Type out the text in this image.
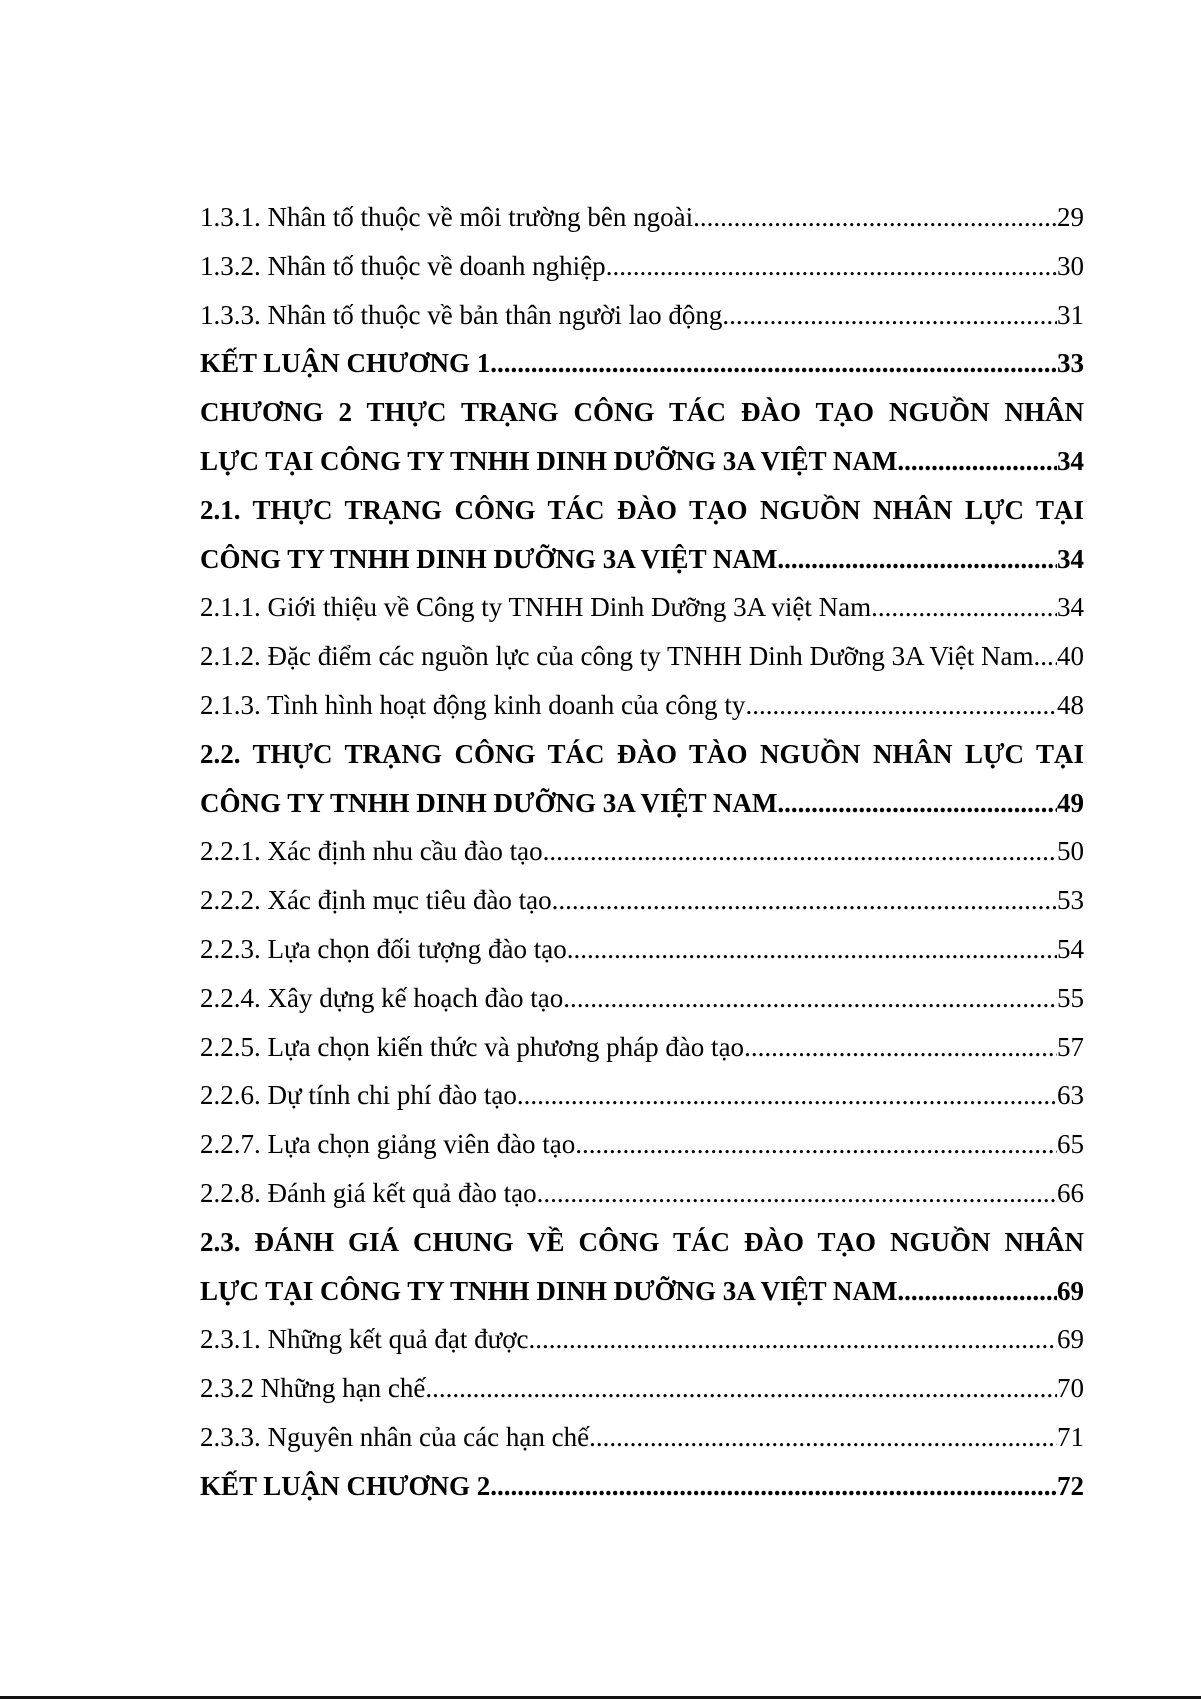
1.3.1. Nhân tố thuộc về môi trường bên ngoài .....	29
1.3.2. Nhân tố thuộc về doanh nghiệp .....	30
1.3.3. Nhân tố thuộc về bản thân người lao động .....	31
KẾT LUẬN CHƯƠNG 1 .....	33
CHƯƠNG 2 THỰC TRẠNG CÔNG TÁC ĐÀO TẠO NGUỒN NHÂN
LỰC TẠI CÔNG TY TNHH DINH DƯỠNG 3A VIỆT NAM .....	34
2.1. THỰC TRẠNG CÔNG TÁC ĐÀO TẠO NGUỒN NHÂN LỰC TẠI
CÔNG TY TNHH DINH DƯỠNG 3A VIỆT NAM .....	34
2.1.1. Giới thiệu về Công ty TNHH Dinh Dưỡng 3A việt Nam .....	34
2.1.2. Đặc điểm các nguồn lực của công ty TNHH Dinh Dưỡng 3A Việt Nam ..... 40
2.1.3. Tình hình hoạt động kinh doanh của công ty .....	48
2.2. THỰC TRẠNG CÔNG TÁC ĐÀO TÀO NGUỒN NHÂN LỰC TẠI
CÔNG TY TNHH DINH DƯỠNG 3A VIỆT NAM .....	49
2.2.1. Xác định nhu cầu đào tạo .....	50
2.2.2. Xác định mục tiêu đào tạo .....	53
2.2.3. Lựa chọn đối tượng đào tạo .....	54
2.2.4. Xây dựng kế hoạch đào tạo .....	55
2.2.5. Lựa chọn kiến thức và phương pháp đào tạo .....	57
2.2.6. Dự tính chi phí đào tạo .....	63
2.2.7. Lựa chọn giảng viên đào tạo .....	65
2.2.8. Đánh giá kết quả đào tạo .....	66
2.3. ĐÁNH GIÁ CHUNG VỀ CÔNG TÁC ĐÀO TẠO NGUỒN NHÂN
LỰC TẠI CÔNG TY TNHH DINH DƯỠNG 3A VIỆT NAM .....	69
2.3.1. Những kết quả đạt được .....	69
2.3.2 Những hạn chế .....	70
2.3.3. Nguyên nhân của các hạn chế .....	71
KẾT LUẬN CHƯƠNG 2 .....	72
